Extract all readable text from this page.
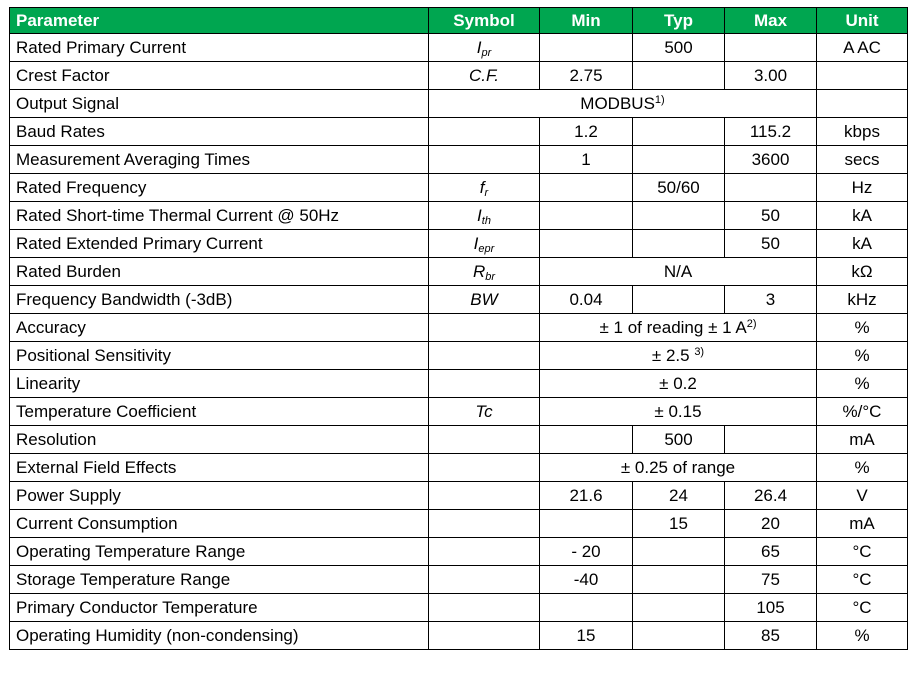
Parameter	Symbol	Min	Typ	Max	Unit
Rated Primary Current	$I_{pr}$		500		A AC
Crest Factor	C.F.	2.75		3.00	
Output Signal	MODBUS$^{1)}$	
Baud Rates		1.2		115.2	kbps
Measurement Averaging Times		1		3600	secs
Rated Frequency	$f_r$		50/60		Hz
Rated Short-time Thermal Current @ 50Hz	$I_{th}$			50	kA
Rated Extended Primary Current	$I_{epr}$			50	kA
Rated Burden	$R_{br}$	N/A			kΩ
Frequency Bandwidth (-3dB)	BW	0.04		3	kHz
Accuracy		± 1 of reading ± 1 $A^{2)}$			%
Positional Sensitivity		± 2.5 $^{3)}$			%
Linearity		± 0.2			%
Temperature Coefficient	Tc	± 0.15			%/°C
Resolution			500		mA
External Field Effects		± 0.25 of range			%
Power Supply		21.6	24	26.4	V
Current Consumption			15	20	mA
Operating Temperature Range		- 20		65	°C
Storage Temperature Range		-40		75	°C
Primary Conductor Temperature				105	°C
Operating Humidity (non-condensing)		15		85	%
